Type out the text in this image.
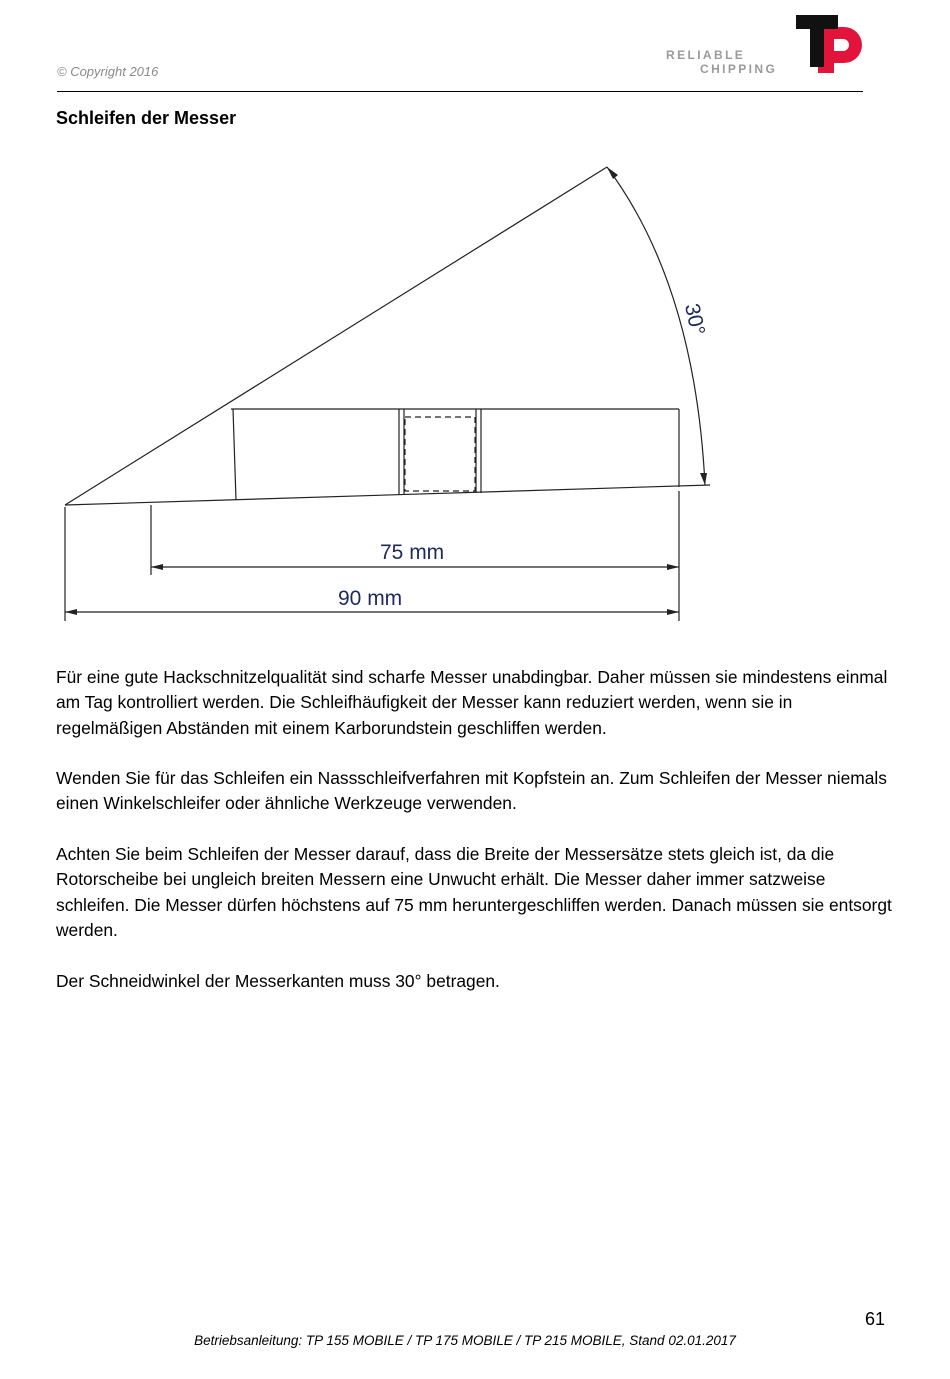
© Copyright 2016
RELIABLE
CHIPPING
Schleifen der Messer
30°
75 mm
90 mm

Für eine gute Hackschnitzelqualität sind scharfe Messer unabdingbar. Daher müssen sie mindestens einmal am Tag kontrolliert werden. Die Schleifhäufigkeit der Messer kann reduziert werden, wenn sie in regelmäßigen Abständen mit einem Karborundstein geschliffen werden.

Wenden Sie für das Schleifen ein Nassschleifverfahren mit Kopfstein an. Zum Schleifen der Messer niemals einen Winkelschleifer oder ähnliche Werkzeuge verwenden.

Achten Sie beim Schleifen der Messer darauf, dass die Breite der Messersätze stets gleich ist, da die Rotorscheibe bei ungleich breiten Messern eine Unwucht erhält. Die Messer daher immer satzweise schleifen. Die Messer dürfen höchstens auf 75 mm heruntergeschliffen werden. Danach müssen sie entsorgt werden.

Der Schneidwinkel der Messerkanten muss 30° betragen.

61
Betriebsanleitung: TP 155 MOBILE / TP 175 MOBILE / TP 215 MOBILE, Stand 02.01.2017
